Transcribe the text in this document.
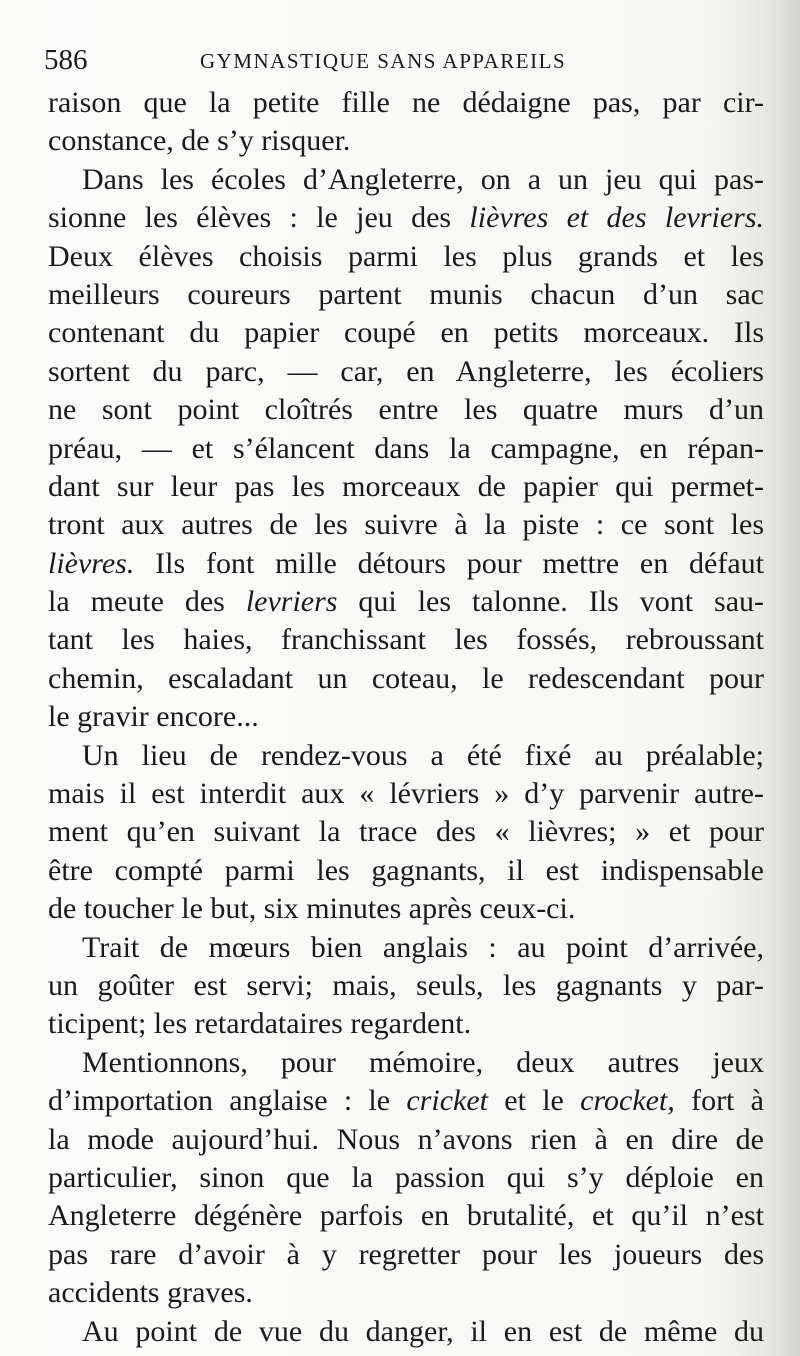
586	GYMNASTIQUE SANS APPAREILS
raison que la petite fille ne dédaigne pas, par cir-
constance, de s’y risquer.
Dans les écoles d’Angleterre, on a un jeu qui pas-
sionne les élèves : le jeu des lièvres et des levriers.
Deux élèves choisis parmi les plus grands et les
meilleurs coureurs partent munis chacun d’un sac
contenant du papier coupé en petits morceaux. Ils
sortent du parc, — car, en Angleterre, les écoliers
ne sont point cloîtrés entre les quatre murs d’un
préau, — et s’élancent dans la campagne, en répan-
dant sur leur pas les morceaux de papier qui permet-
tront aux autres de les suivre à la piste : ce sont les
lièvres. Ils font mille détours pour mettre en défaut
la meute des levriers qui les talonne. Ils vont sau-
tant les haies, franchissant les fossés, rebroussant
chemin, escaladant un coteau, le redescendant pour
le gravir encore...
Un lieu de rendez-vous a été fixé au préalable;
mais il est interdit aux « lévriers » d’y parvenir autre-
ment qu’en suivant la trace des « lièvres; » et pour
être compté parmi les gagnants, il est indispensable
de toucher le but, six minutes après ceux-ci.
Trait de mœurs bien anglais : au point d’arrivée,
un goûter est servi; mais, seuls, les gagnants y par-
ticipent; les retardataires regardent.
Mentionnons, pour mémoire, deux autres jeux
d’importation anglaise : le cricket et le crocket, fort à
la mode aujourd’hui. Nous n’avons rien à en dire de
particulier, sinon que la passion qui s’y déploie en
Angleterre dégénère parfois en brutalité, et qu’il n’est
pas rare d’avoir à y regretter pour les joueurs des
accidents graves.
Au point de vue du danger, il en est de même du
